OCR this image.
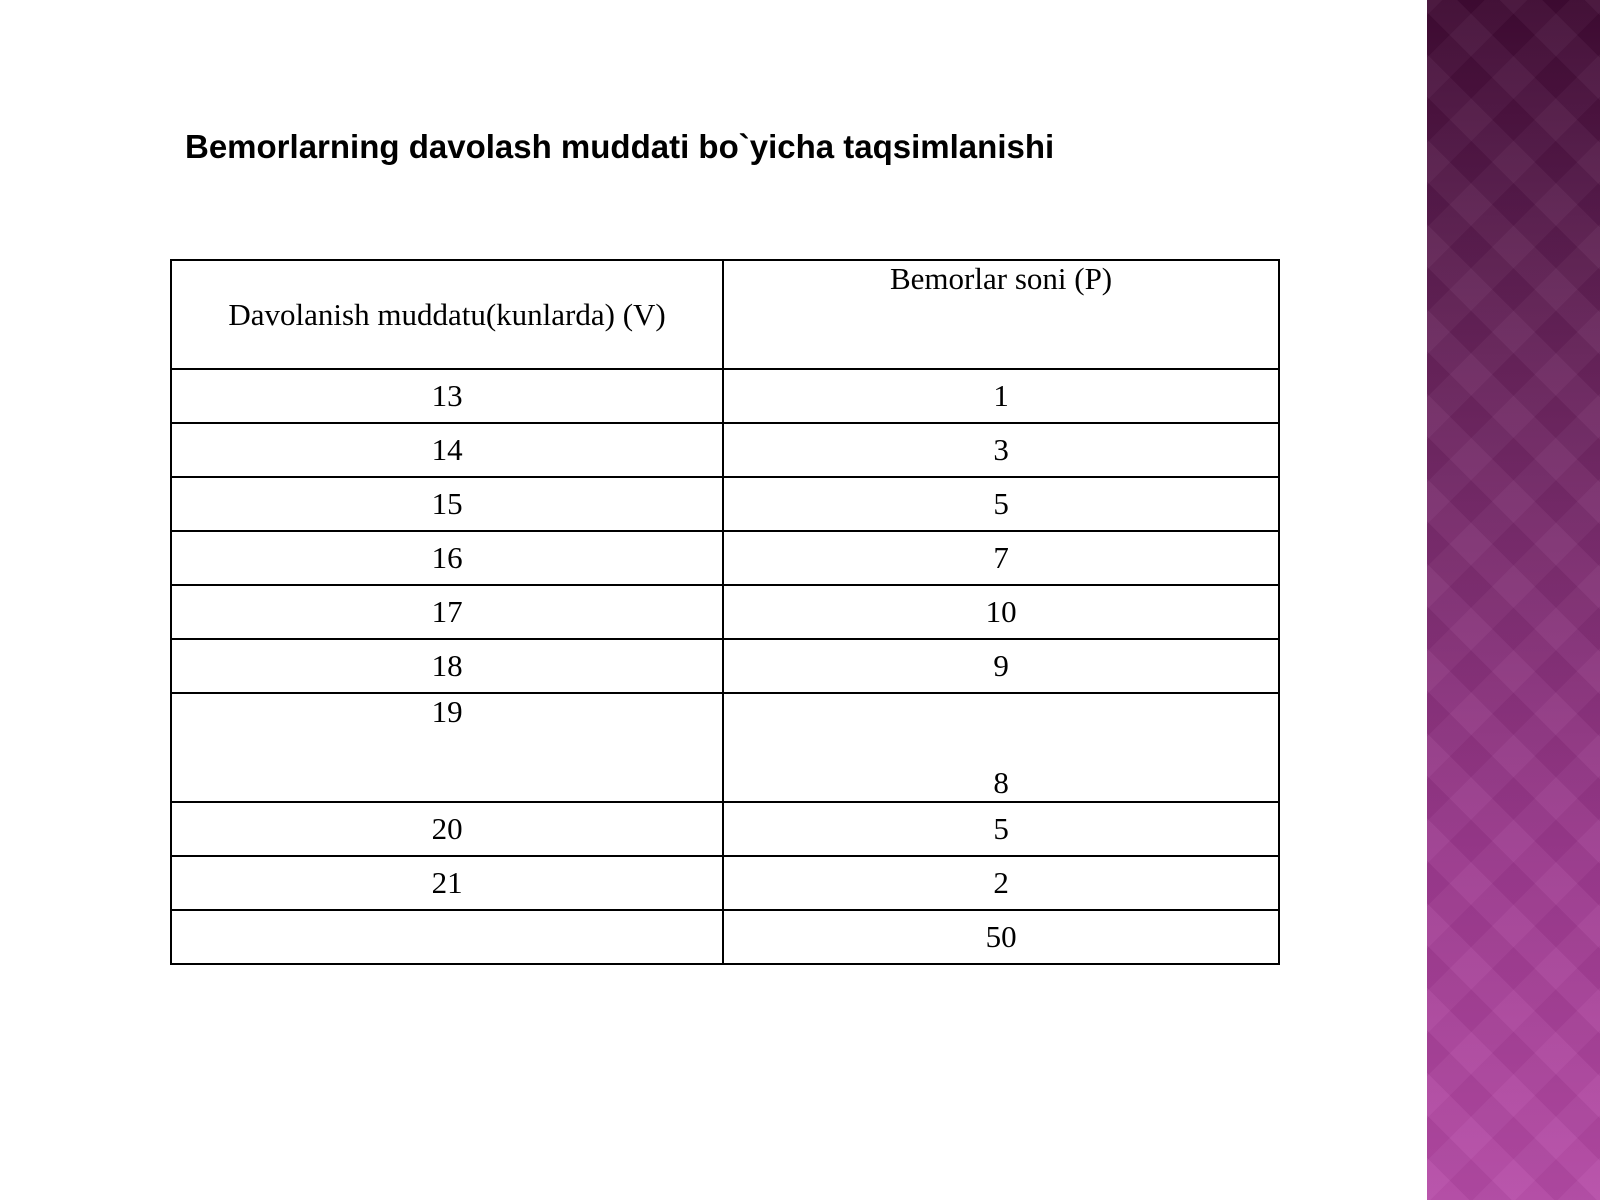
Bemorlarning davolash muddati bo`yicha taqsimlanishi
Davolanish muddatu(kunlarda) (V)	Bemorlar soni (P)
13	1
14	3
15	5
16	7
17	10
18	9
19	8
20	5
21	2
	50
